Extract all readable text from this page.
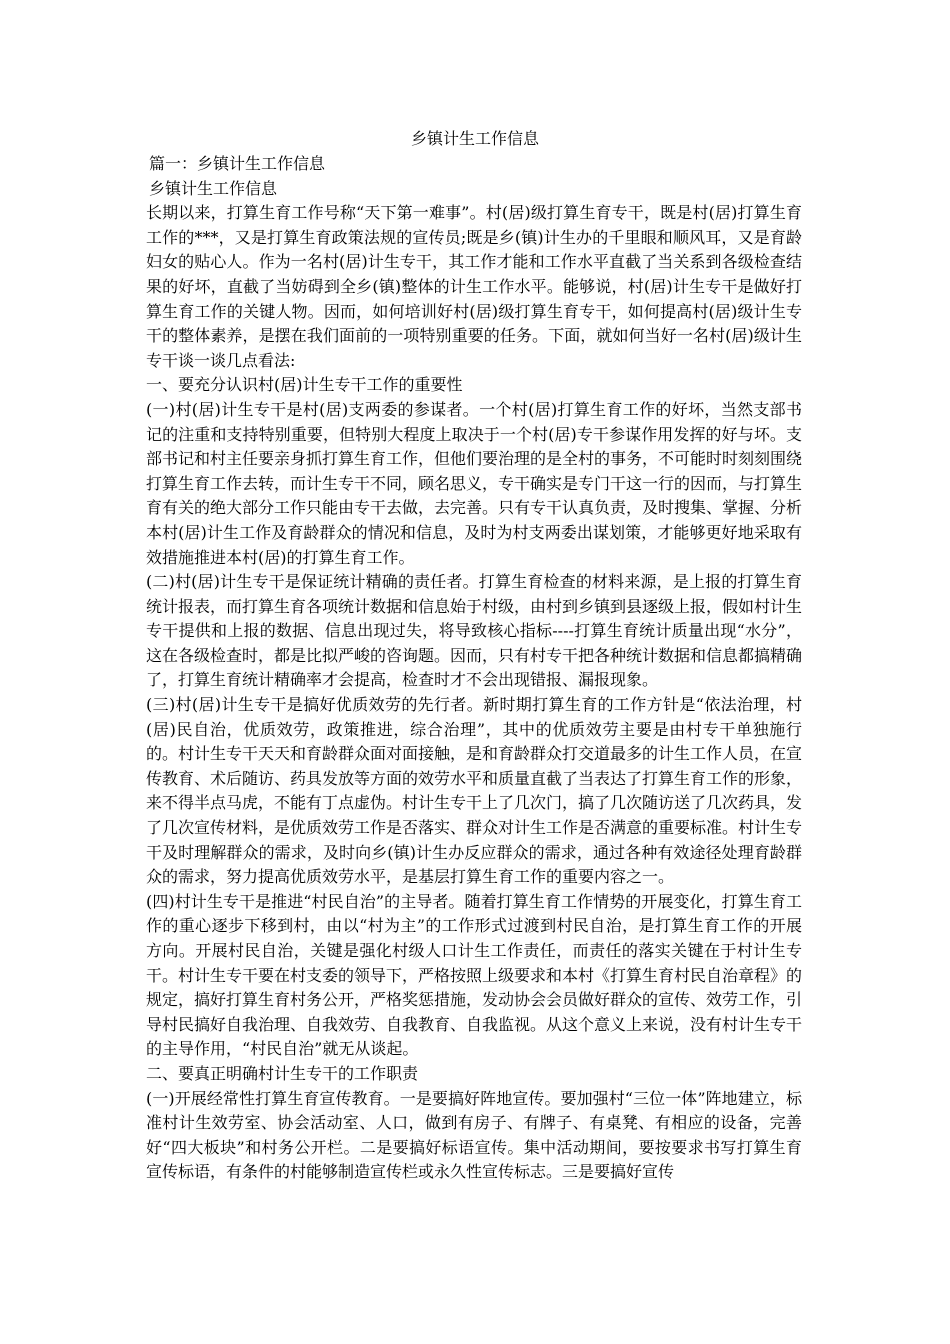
乡镇计生工作信息

篇一：乡镇计生工作信息

乡镇计生工作信息

长期以来，打算生育工作号称“天下第一难事”。村(居)级打算生育专干，既是村(居)打算生育工作的***，又是打算生育政策法规的宣传员;既是乡(镇)计生办的千里眼和顺风耳，又是育龄妇女的贴心人。作为一名村(居)计生专干，其工作才能和工作水平直截了当关系到各级检查结果的好坏，直截了当妨碍到全乡(镇)整体的计生工作水平。能够说，村(居)计生专干是做好打算生育工作的关键人物。因而，如何培训好村(居)级打算生育专干，如何提高村(居)级计生专干的整体素养，是摆在我们面前的一项特别重要的任务。下面，就如何当好一名村(居)级计生专干谈一谈几点看法:

一、要充分认识村(居)计生专干工作的重要性

(一)村(居)计生专干是村(居)支两委的参谋者。一个村(居)打算生育工作的好坏，当然支部书记的注重和支持特别重要，但特别大程度上取决于一个村(居)专干参谋作用发挥的好与坏。支部书记和村主任要亲身抓打算生育工作，但他们要治理的是全村的事务，不可能时时刻刻围绕打算生育工作去转，而计生专干不同，顾名思义，专干确实是专门干这一行的因而，与打算生育有关的绝大部分工作只能由专干去做，去完善。只有专干认真负责，及时搜集、掌握、分析本村(居)计生工作及育龄群众的情况和信息，及时为村支两委出谋划策，才能够更好地采取有效措施推进本村(居)的打算生育工作。

(二)村(居)计生专干是保证统计精确的责任者。打算生育检查的材料来源，是上报的打算生育统计报表，而打算生育各项统计数据和信息始于村级，由村到乡镇到县逐级上报，假如村计生专干提供和上报的数据、信息出现过失，将导致核心指标----打算生育统计质量出现“水分”，这在各级检查时，都是比拟严峻的咨询题。因而，只有村专干把各种统计数据和信息都搞精确了，打算生育统计精确率才会提高，检查时才不会出现错报、漏报现象。

(三)村(居)计生专干是搞好优质效劳的先行者。新时期打算生育的工作方针是“依法治理，村(居)民自治，优质效劳，政策推进，综合治理”，其中的优质效劳主要是由村专干单独施行的。村计生专干天天和育龄群众面对面接触，是和育龄群众打交道最多的计生工作人员，在宣传教育、术后随访、药具发放等方面的效劳水平和质量直截了当表达了打算生育工作的形象，来不得半点马虎，不能有丁点虚伪。村计生专干上了几次门，搞了几次随访送了几次药具，发了几次宣传材料，是优质效劳工作是否落实、群众对计生工作是否满意的重要标准。村计生专干及时理解群众的需求，及时向乡(镇)计生办反应群众的需求，通过各种有效途径处理育龄群众的需求，努力提高优质效劳水平，是基层打算生育工作的重要内容之一。

(四)村计生专干是推进“村民自治”的主导者。随着打算生育工作情势的开展变化，打算生育工作的重心逐步下移到村，由以“村为主”的工作形式过渡到村民自治，是打算生育工作的开展方向。开展村民自治，关键是强化村级人口计生工作责任，而责任的落实关键在于村计生专干。村计生专干要在村支委的领导下，严格按照上级要求和本村《打算生育村民自治章程》的规定，搞好打算生育村务公开，严格奖惩措施，发动协会会员做好群众的宣传、效劳工作，引导村民搞好自我治理、自我效劳、自我教育、自我监视。从这个意义上来说，没有村计生专干的主导作用，“村民自治”就无从谈起。

二、要真正明确村计生专干的工作职责

(一)开展经常性打算生育宣传教育。一是要搞好阵地宣传。要加强村“三位一体”阵地建立，标准村计生效劳室、协会活动室、人口，做到有房子、有牌子、有桌凳、有相应的设备，完善好“四大板块”和村务公开栏。二是要搞好标语宣传。集中活动期间，要按要求书写打算生育宣传标语，有条件的村能够制造宣传栏或永久性宣传标志。三是要搞好宣传
